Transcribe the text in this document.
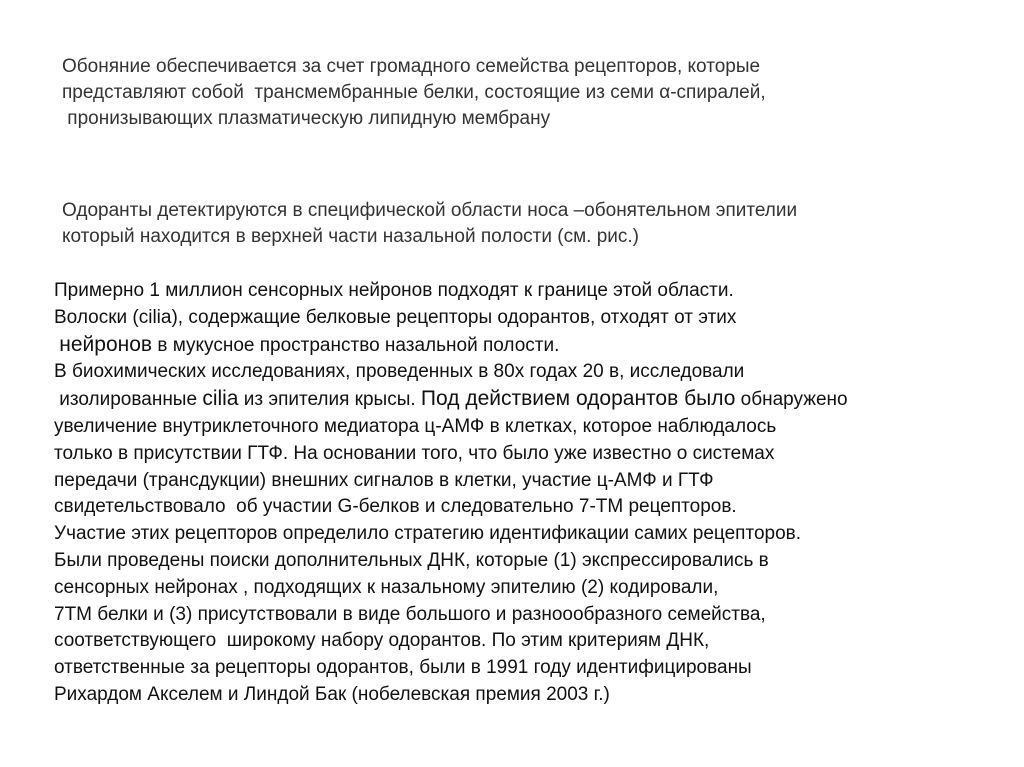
Обоняние обеспечивается за счет громадного семейства рецепторов, которые
представляют собой  трансмембранные белки, состоящие из семи α-спиралей,
пронизывающих плазматическую липидную мембрану
Одоранты детектируются в специфической области носа –обонятельном эпителии
который находится в верхней части назальной полости (см. рис.)
Примерно 1 миллион сенсорных нейронов подходят к границе этой области.
Волоски (cilia), содержащие белковые рецепторы одорантов, отходят от этих
нейронов в мукусное пространство назальной полости.
В биохимических исследованиях, проведенных в 80х годах 20 в, исследовали
изолированные cilia из эпителия крысы. Под действием одорантов было обнаружено
увеличение внутриклеточного медиатора ц-АМФ в клетках, которое наблюдалось
только в присутствии ГТФ. На основании того, что было уже известно о системах
передачи (трансдукции) внешних сигналов в клетки, участие ц-АМФ и ГТФ
свидетельствовало  об участии G-белков и следовательно 7-ТМ рецепторов.
Участие этих рецепторов определило стратегию идентификации самих рецепторов.
Были проведены поиски дополнительных ДНК, которые (1) экспрессировались в
сенсорных нейронах , подходящих к назальному эпителию (2) кодировали,
7ТМ белки и (3) присутствовали в виде большого и разноообразного семейства,
соответствующего  широкому набору одорантов. По этим критериям ДНК,
ответственные за рецепторы одорантов, были в 1991 году идентифицированы
Рихардом Акселем и Линдой Бак (нобелевская премия 2003 г.)
